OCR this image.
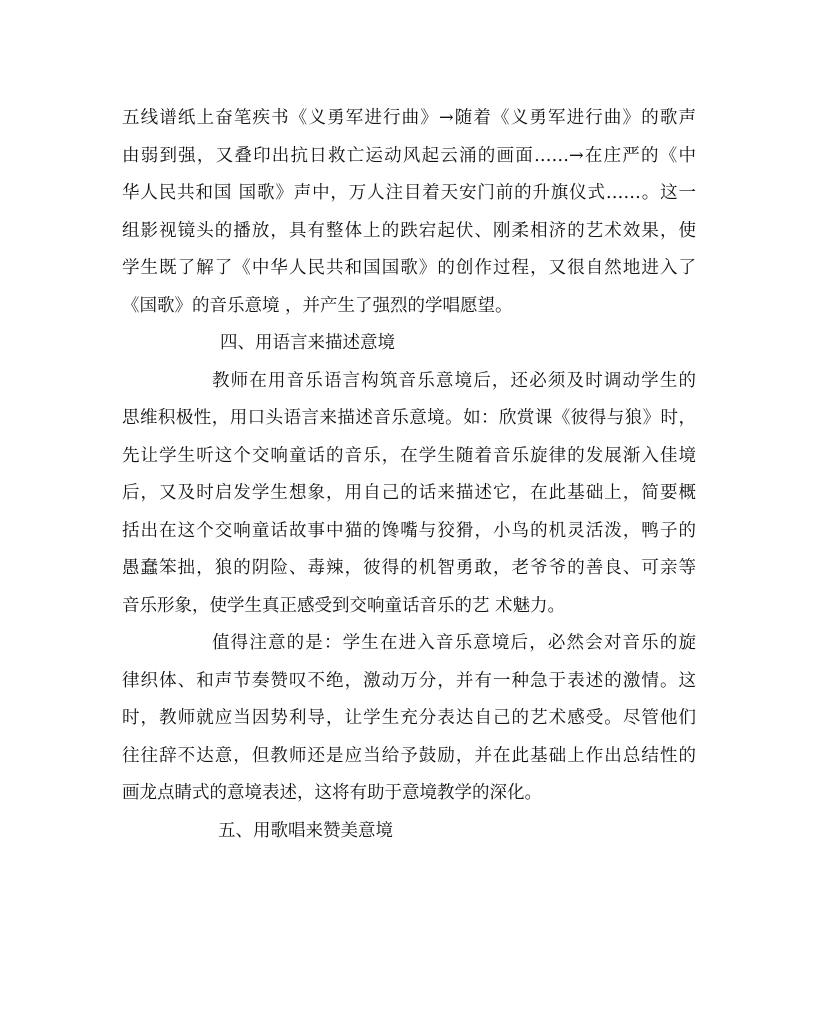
五线谱纸上奋笔疾书《义勇军进行曲》→随着《义勇军进行曲》的歌声
由弱到强，又叠印出抗日救亡运动风起云涌的画面……→在庄严的《中
华人民共和国 国歌》声中，万人注目着天安门前的升旗仪式……。这一
组影视镜头的播放，具有整体上的跌宕起伏、刚柔相济的艺术效果，使
学生既了解了《中华人民共和国国歌》的创作过程，又很自然地进入了
《国歌》的音乐意境 ，并产生了强烈的学唱愿望。
四、用语言来描述意境
教师在用音乐语言构筑音乐意境后，还必须及时调动学生的
思维积极性，用口头语言来描述音乐意境。如：欣赏课《彼得与狼》时，
先让学生听这个交响童话的音乐，在学生随着音乐旋律的发展渐入佳境
后，又及时启发学生想象，用自己的话来描述它，在此基础上，简要概
括出在这个交响童话故事中猫的馋嘴与狡猾，小鸟的机灵活泼，鸭子的
愚蠢笨拙，狼的阴险、毒辣，彼得的机智勇敢，老爷爷的善良、可亲等
音乐形象，使学生真正感受到交响童话音乐的艺 术魅力。
值得注意的是：学生在进入音乐意境后，必然会对音乐的旋
律织体、和声节奏赞叹不绝，激动万分，并有一种急于表述的激情。这
时，教师就应当因势利导，让学生充分表达自己的艺术感受。尽管他们
往往辞不达意，但教师还是应当给予鼓励，并在此基础上作出总结性的
画龙点睛式的意境表述，这将有助于意境教学的深化。
五、用歌唱来赞美意境
